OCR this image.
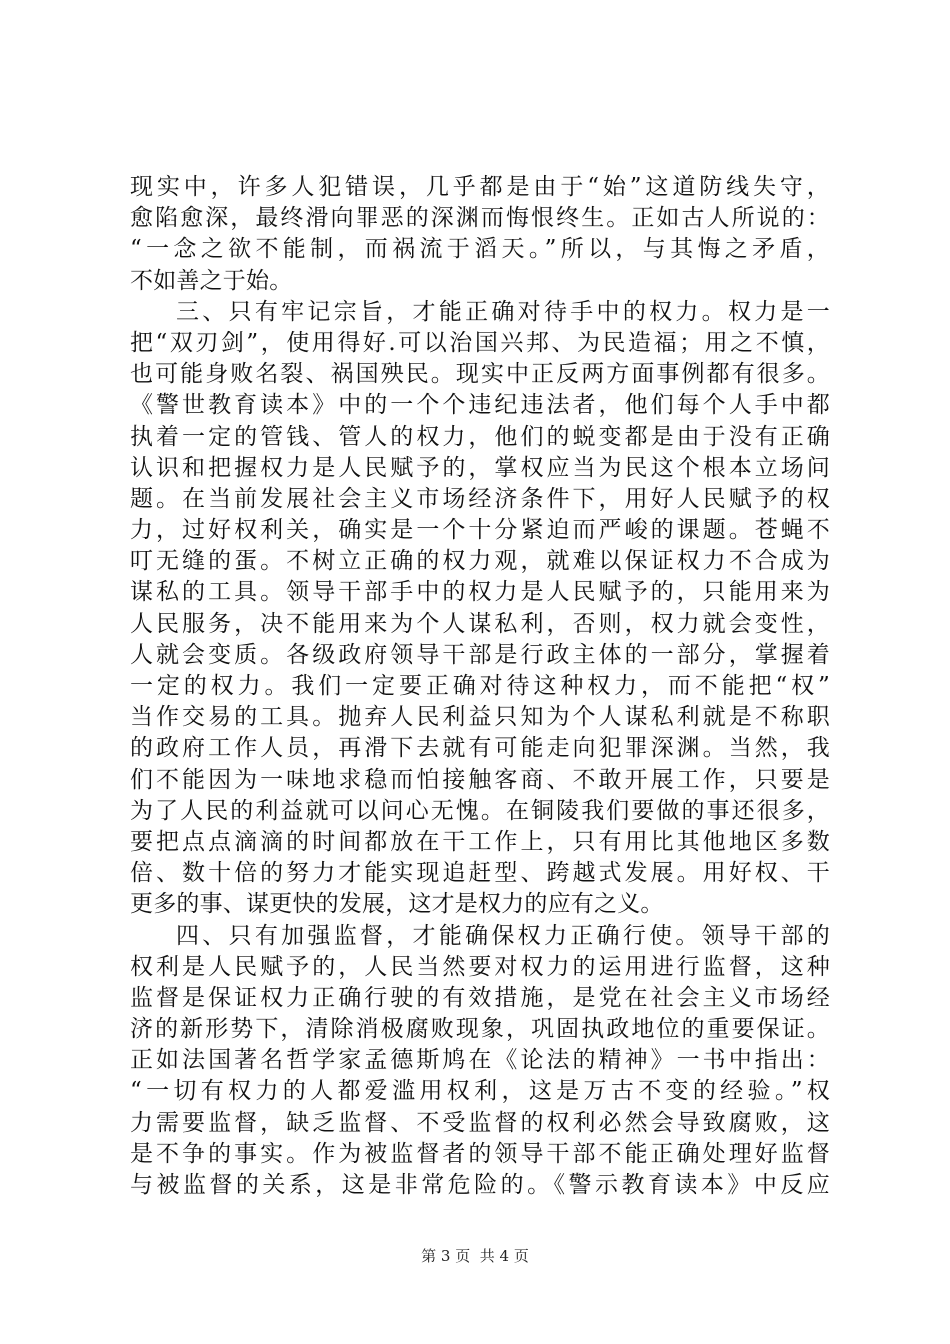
现实中，许多人犯错误，几乎都是由于“始”这道防线失守，
愈陷愈深，最终滑向罪恶的深渊而悔恨终生。正如古人所说的：
“一念之欲不能制，而祸流于滔天。”所以，与其悔之矛盾，
不如善之于始。
三、只有牢记宗旨，才能正确对待手中的权力。权力是一
把“双刃剑”，使用得好.可以治国兴邦、为民造福；用之不慎，
也可能身败名裂、祸国殃民。现实中正反两方面事例都有很多。
《警世教育读本》中的一个个违纪违法者，他们每个人手中都
执着一定的管钱、管人的权力，他们的蜕变都是由于没有正确
认识和把握权力是人民赋予的，掌权应当为民这个根本立场问
题。在当前发展社会主义市场经济条件下，用好人民赋予的权
力，过好权利关，确实是一个十分紧迫而严峻的课题。苍蝇不
叮无缝的蛋。不树立正确的权力观，就难以保证权力不合成为
谋私的工具。领导干部手中的权力是人民赋予的，只能用来为
人民服务，决不能用来为个人谋私利，否则，权力就会变性，
人就会变质。各级政府领导干部是行政主体的一部分，掌握着
一定的权力。我们一定要正确对待这种权力，而不能把“权”
当作交易的工具。抛弃人民利益只知为个人谋私利就是不称职
的政府工作人员，再滑下去就有可能走向犯罪深渊。当然，我
们不能因为一味地求稳而怕接触客商、不敢开展工作，只要是
为了人民的利益就可以问心无愧。在铜陵我们要做的事还很多，
要把点点滴滴的时间都放在干工作上，只有用比其他地区多数
倍、数十倍的努力才能实现追赶型、跨越式发展。用好权、干
更多的事、谋更快的发展，这才是权力的应有之义。
四、只有加强监督，才能确保权力正确行使。领导干部的
权利是人民赋予的，人民当然要对权力的运用进行监督，这种
监督是保证权力正确行驶的有效措施，是党在社会主义市场经
济的新形势下，清除消极腐败现象，巩固执政地位的重要保证。
正如法国著名哲学家孟德斯鸠在《论法的精神》一书中指出：
“一切有权力的人都爱滥用权利，这是万古不变的经验。”权
力需要监督，缺乏监督、不受监督的权利必然会导致腐败，这
是不争的事实。作为被监督者的领导干部不能正确处理好监督
与被监督的关系，这是非常危险的。《警示教育读本》中反应
第 3 页 共 4 页
